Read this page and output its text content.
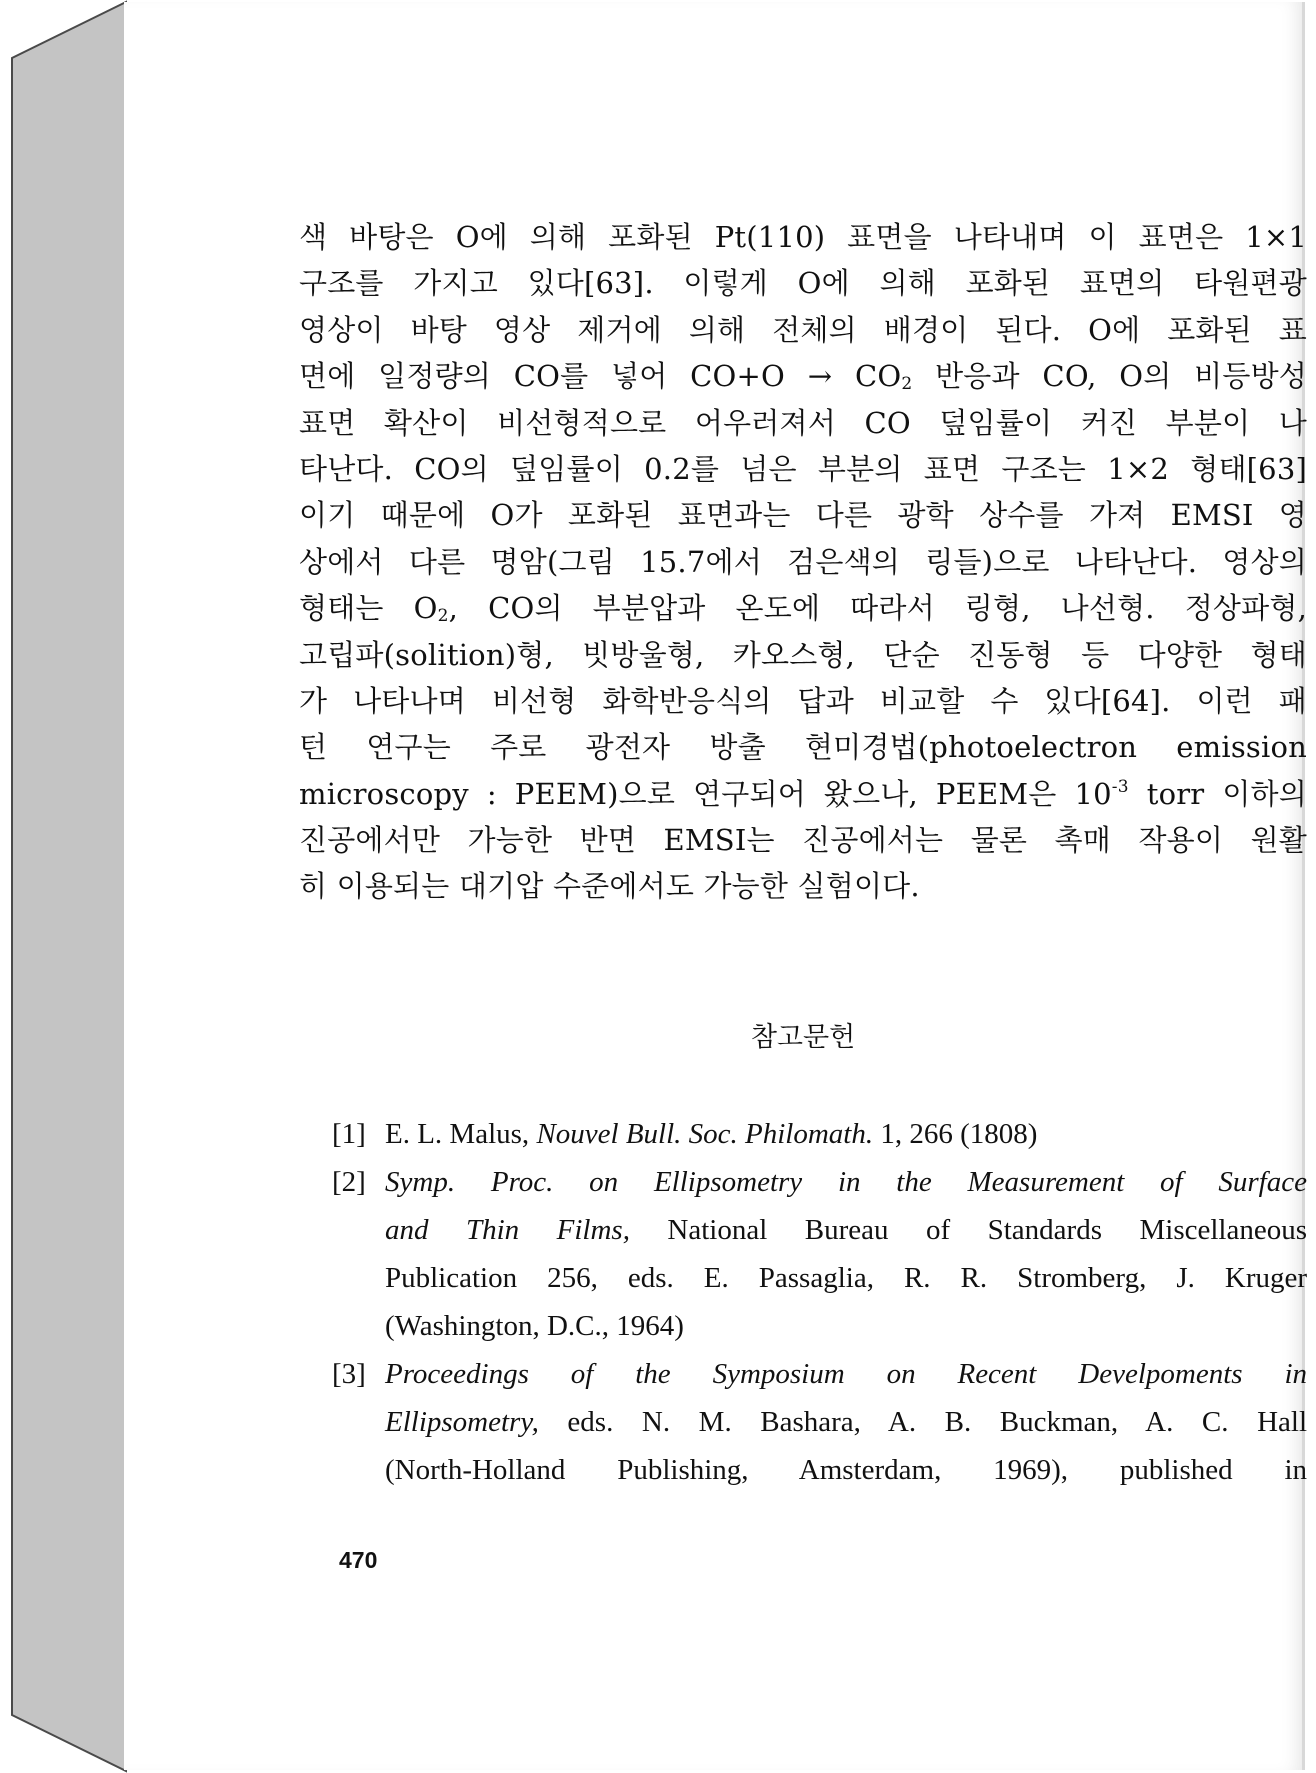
색 바탕은 O에 의해 포화된 Pt(110) 표면을 나타내며 이 표면은 1×1
구조를 가지고 있다[63]. 이렇게 O에 의해 포화된 표면의 타원편광
영상이 바탕 영상 제거에 의해 전체의 배경이 된다. O에 포화된 표
면에 일정량의 CO를 넣어 $CO+O \to CO_2$ 반응과 CO, O의 비등방성
표면 확산이 비선형적으로 어우러져서 CO 덮임률이 커진 부분이 나
타난다. CO의 덮임률이 0.2를 넘은 부분의 표면 구조는 1×2 형태[63]
이기 때문에 O가 포화된 표면과는 다른 광학 상수를 가져 EMSI 영
상에서 다른 명암(그림 15.7에서 검은색의 링들)으로 나타난다. 영상의
형태는 $O_2$, CO의 부분압과 온도에 따라서 링형, 나선형. 정상파형,
고립파(solition)형, 빗방울형, 카오스형, 단순 진동형 등 다양한 형태
가 나타나며 비선형 화학반응식의 답과 비교할 수 있다[64]. 이런 패
턴 연구는 주로 광전자 방출 현미경법(photoelectron emission
microscopy : PEEM)으로 연구되어 왔으나, PEEM은 $10^{-3}$ torr 이하의
진공에서만 가능한 반면 EMSI는 진공에서는 물론 촉매 작용이 원활
히 이용되는 대기압 수준에서도 가능한 실험이다.
참고문헌
[1] E. L. Malus, Nouvel Bull. Soc. Philomath. 1, 266 (1808)
[2] Symp. Proc. on Ellipsometry in the Measurement of Surface
and Thin Films, National Bureau of Standards Miscellaneous
Publication 256, eds. E. Passaglia, R. R. Stromberg, J. Kruger
(Washington, D.C., 1964)
[3] Proceedings of the Symposium on Recent Develpoments in
Ellipsometry, eds. N. M. Bashara, A. B. Buckman, A. C. Hall
(North-Holland Publishing, Amsterdam, 1969), published in
470
